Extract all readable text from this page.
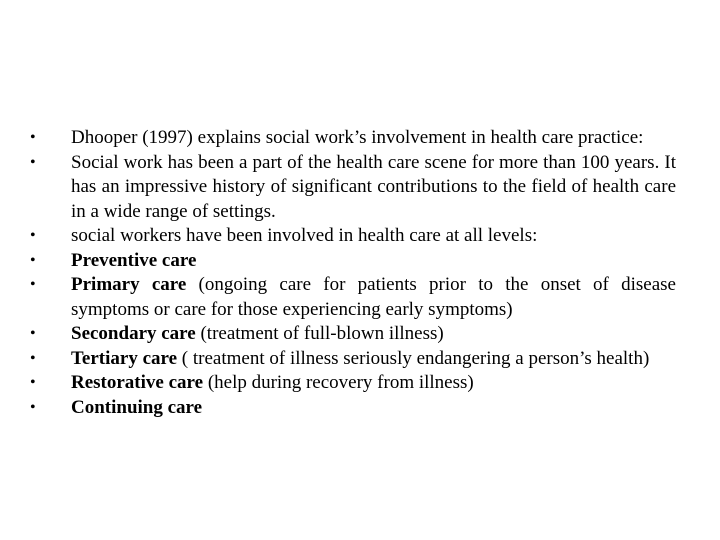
• Dhooper (1997) explains social work’s involvement in health care practice:
• Social work has been a part of the health care scene for more than 100 years. It has an impressive history of significant contributions to the field of health care in a wide range of settings.
• social workers have been involved in health care at all levels:
• Preventive care
• Primary care (ongoing care for patients prior to the onset of disease symptoms or care for those experiencing early symptoms)
• Secondary care (treatment of full-blown illness)
• Tertiary care ( treatment of illness seriously endangering a person’s health)
• Restorative care (help during recovery from illness)
• Continuing care
